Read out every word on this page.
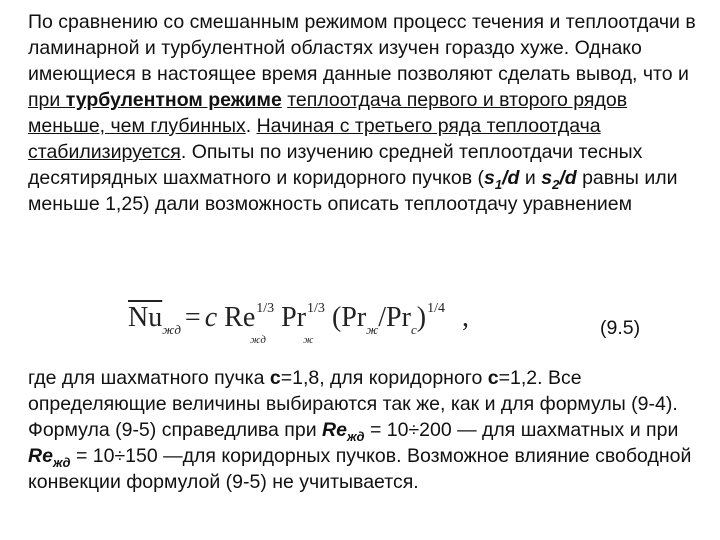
По сравнению со смешанным режимом процесс течения и теплоотдачи в ламинарной и турбулентной областях изучен гораздо хуже. Однако имеющиеся в настоящее время данные позволяют сделать вывод, что и при турбулентном режиме теплоотдача первого и второго рядов меньше, чем глубинных. Начиная с третьего ряда теплоотдача стабилизируется. Опыты по изучению средней теплоотдачи тесных десятирядных шахматного и коридорного пучков ($s_1/d$ и $s_2/d$ равны или меньше 1,25) дали возможность описать теплоотдачу уравнением

$\overline{Nu}_{жд} = c$ $Re^{1/3}$
жд
$Pr^{1/3}$
ж
$(Pr_ж/Pr_c)^{1/4}$ ,	(9.5)

где для шахматного пучка с=1,8, для коридорного с=1,2. Все определяющие величины выбираются так же, как и для формулы (9-4). Формула (9-5) справедлива при $Re_{жд} = 10\div 200$ — для шахматных и при $Re_{жд} = 10\div 150$ —для коридорных пучков. Возможное влияние свободной конвекции формулой (9-5) не учитывается.
